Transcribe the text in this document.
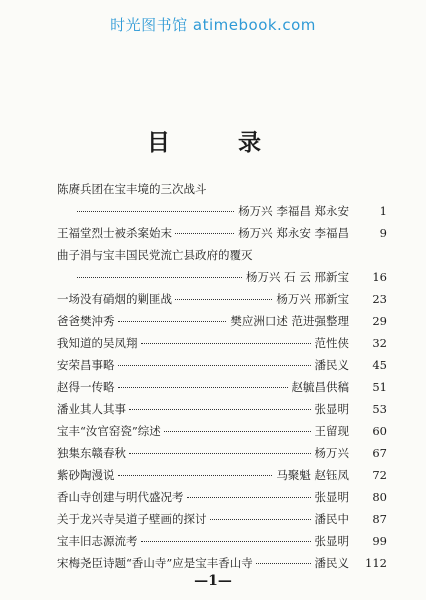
时光图书馆 atimebook.com
目 录
陈赓兵团在宝丰境的三次战斗
杨万兴 李福昌 郑永安	1
王福堂烈士被杀案始末	杨万兴 郑永安 李福昌	9
曲子涓与宝丰国民党流亡县政府的覆灭
杨万兴 石 云 邢新宝	16
一场没有硝烟的剿匪战	杨万兴 邢新宝	23
爸爸樊沖秀	樊应洲口述 范进强整理	29
我知道的吴凤翔	范性侠	32
安荣昌事略	潘民义	45
赵得一传略	赵毓昌供稿	51
潘业其人其事	张显明	53
宝丰“汝官窑瓷”综述	王留现	60
独集东赣春秋	杨万兴	67
紫砂陶漫说	马聚魁 赵钰凤	72
香山寺创建与明代盛况考	张显明	80
关于龙兴寺吴道子壁画的探讨	潘民中	87
宝丰旧志源流考	张显明	99
宋梅尧臣诗题“香山寺”应是宝丰香山寺	潘民义	112
—1—
